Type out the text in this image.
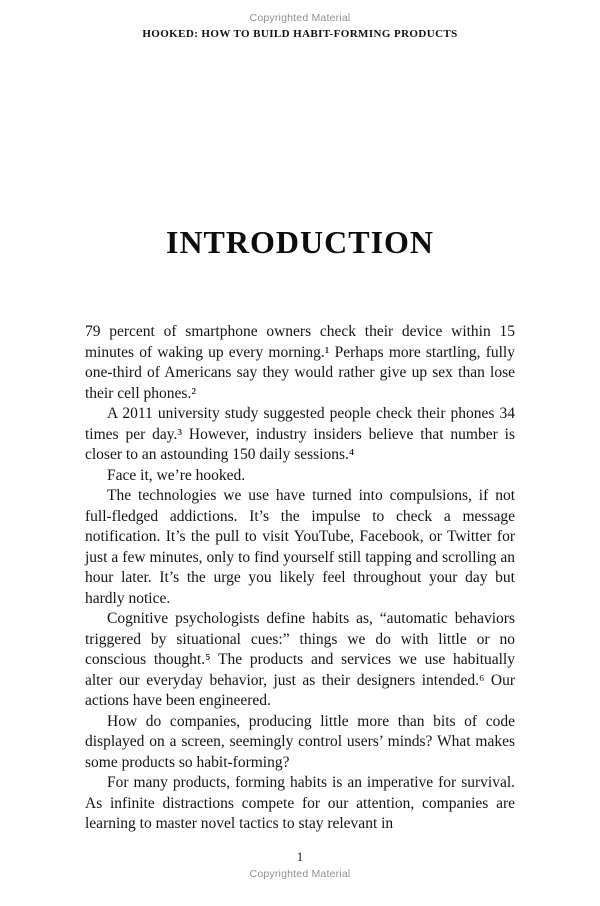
Copyrighted Material
HOOKED: HOW TO BUILD HABIT-FORMING PRODUCTS
INTRODUCTION

79 percent of smartphone owners check their device within 15 minutes of waking up every morning.¹ Perhaps more startling, fully one-third of Americans say they would rather give up sex than lose their cell phones.²

A 2011 university study suggested people check their phones 34 times per day.³ However, industry insiders believe that number is closer to an astounding 150 daily sessions.⁴

Face it, we’re hooked.

The technologies we use have turned into compulsions, if not full-fledged addictions. It’s the impulse to check a message notification. It’s the pull to visit YouTube, Facebook, or Twitter for just a few minutes, only to find yourself still tapping and scrolling an hour later. It’s the urge you likely feel throughout your day but hardly notice.

Cognitive psychologists define habits as, “automatic behaviors triggered by situational cues:” things we do with little or no conscious thought.⁵ The products and services we use habitually alter our everyday behavior, just as their designers intended.⁶ Our actions have been engineered.

How do companies, producing little more than bits of code displayed on a screen, seemingly control users’ minds? What makes some products so habit-forming?

For many products, forming habits is an imperative for survival. As infinite distractions compete for our attention, companies are learning to master novel tactics to stay relevant in

1
Copyrighted Material
